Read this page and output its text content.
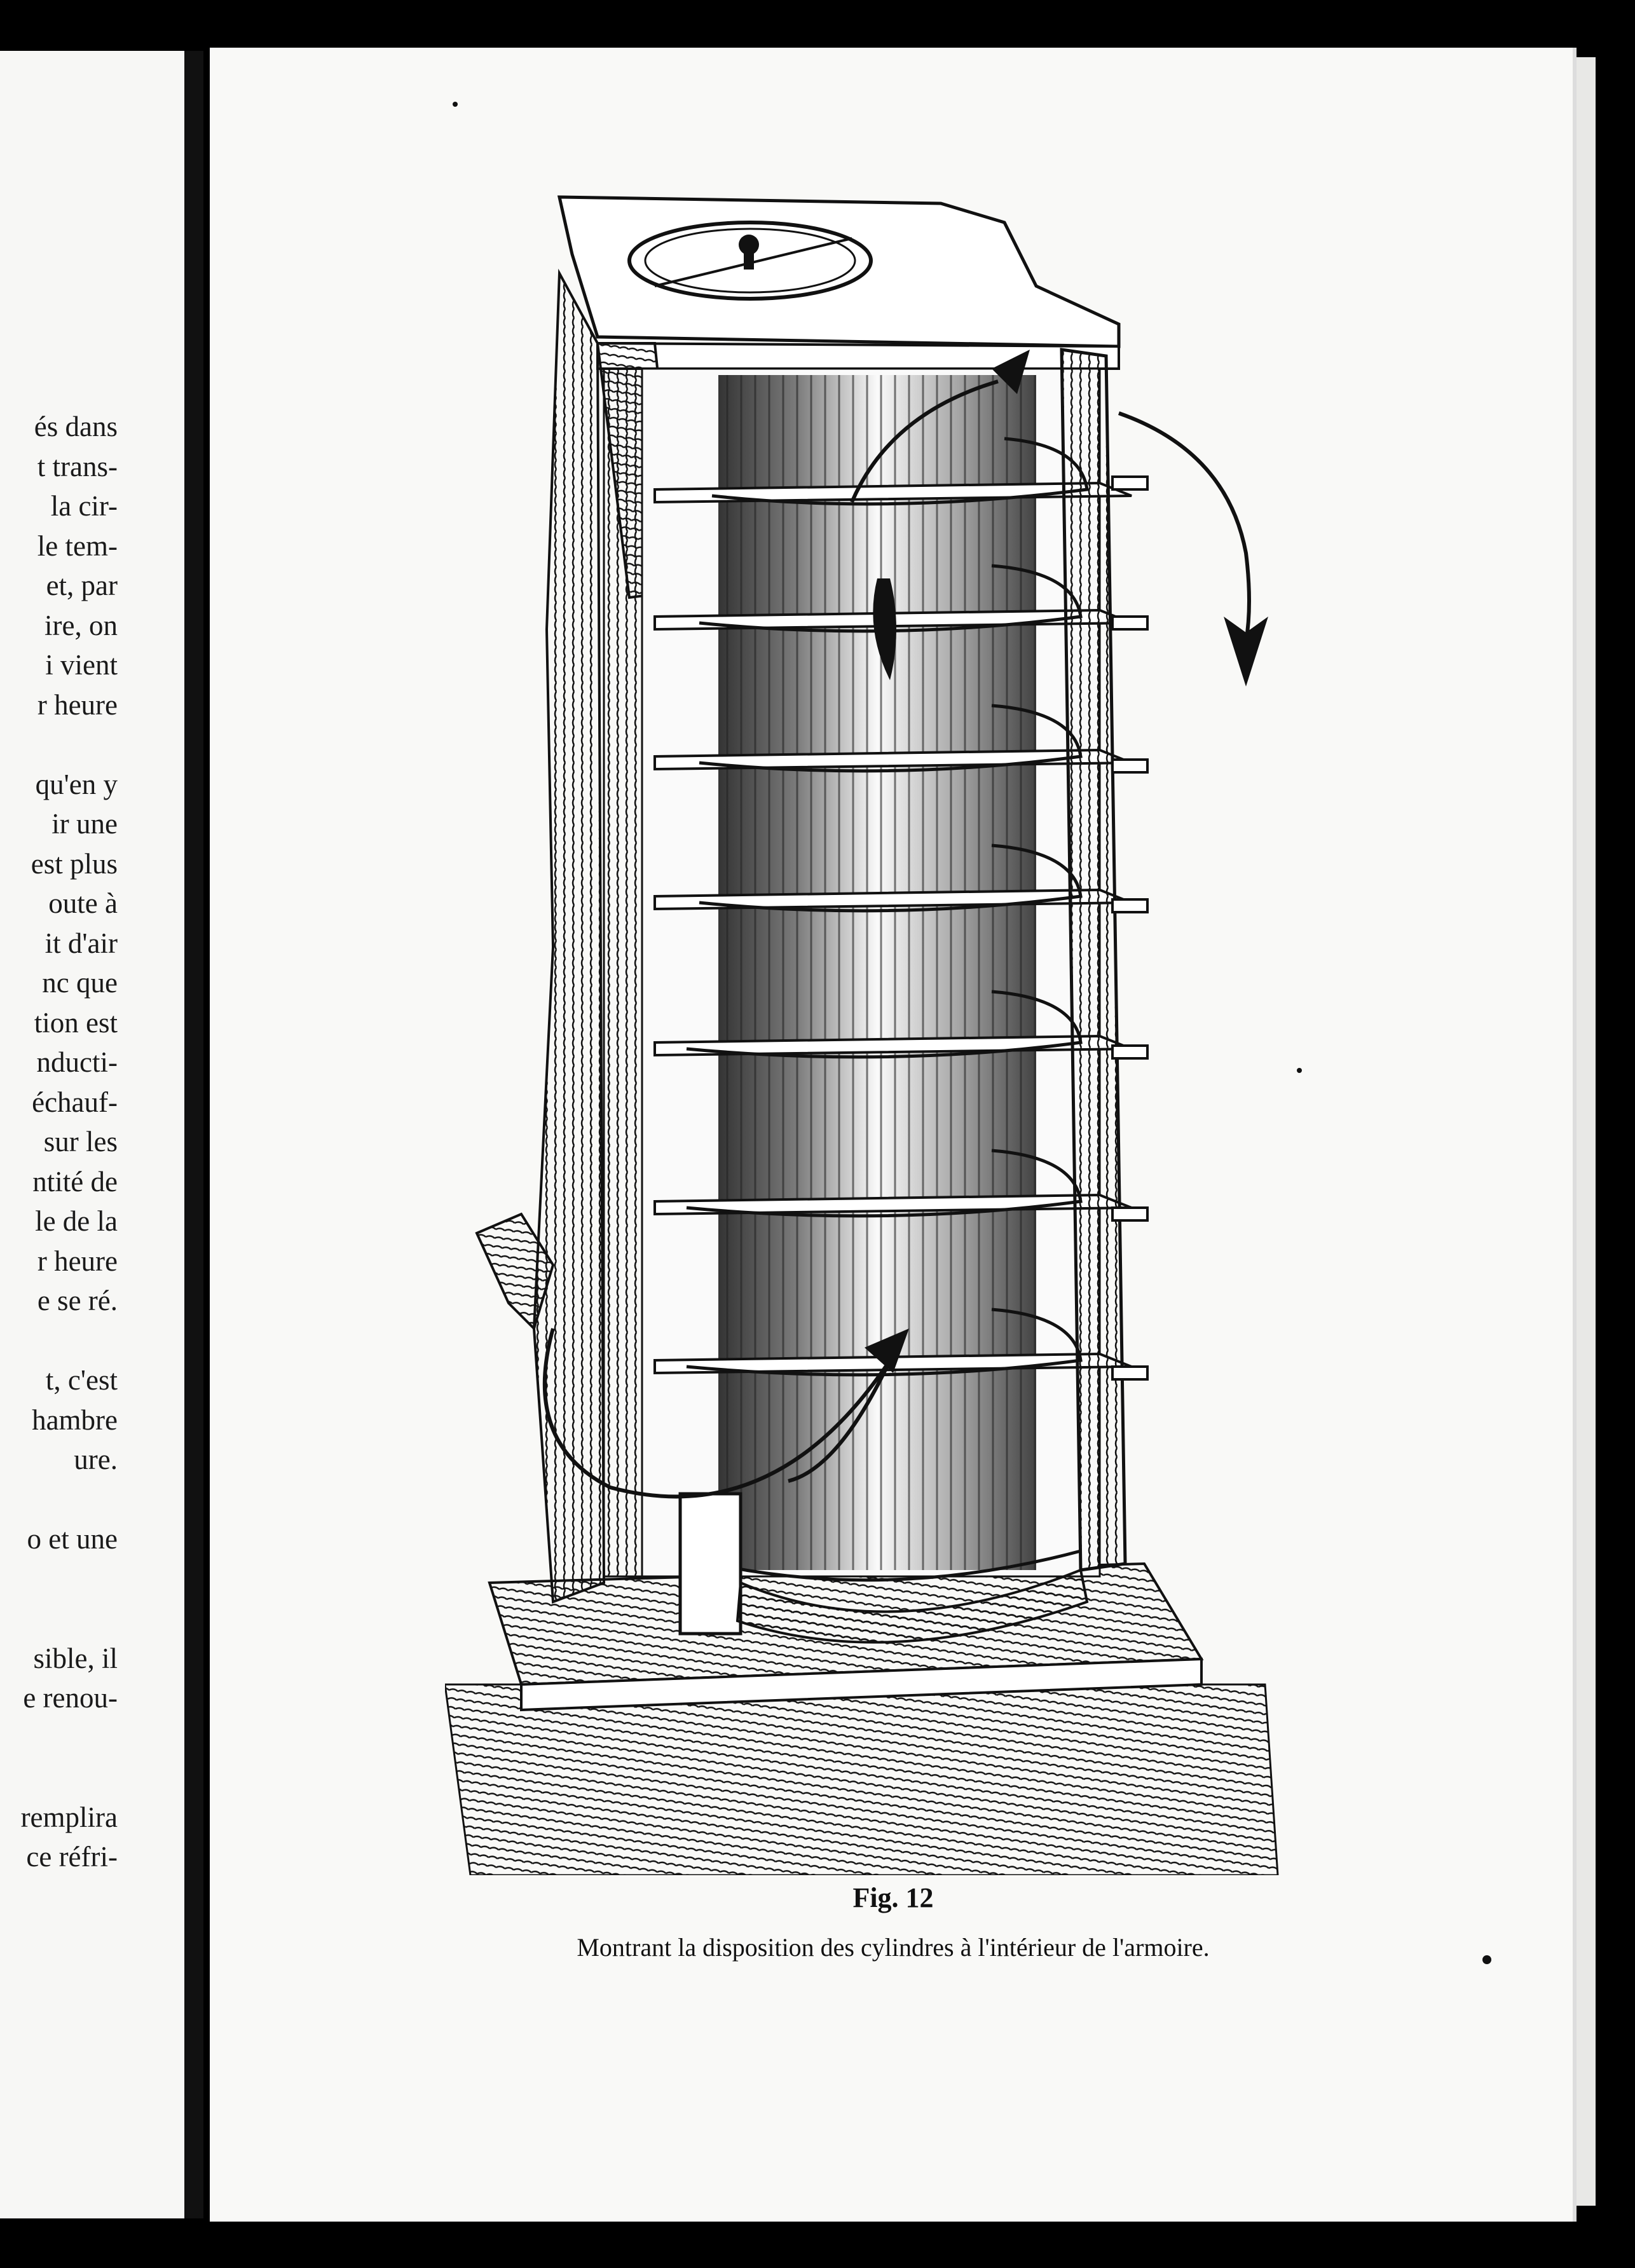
és dans
t trans-
la cir-
le tem-
et, par
ire, on
i vient
r heure
qu'en y
ir une
est plus
oute à
it d'air
nc que
tion est
nducti-
échauf-
sur les
ntité de
le de la
r heure
e se ré.
t, c'est
hambre
ure.
o et une
sible, il
e renou-
remplira
ce réfri-
Fig. 12
Montrant la disposition des cylindres à l'intérieur de l'armoire.
